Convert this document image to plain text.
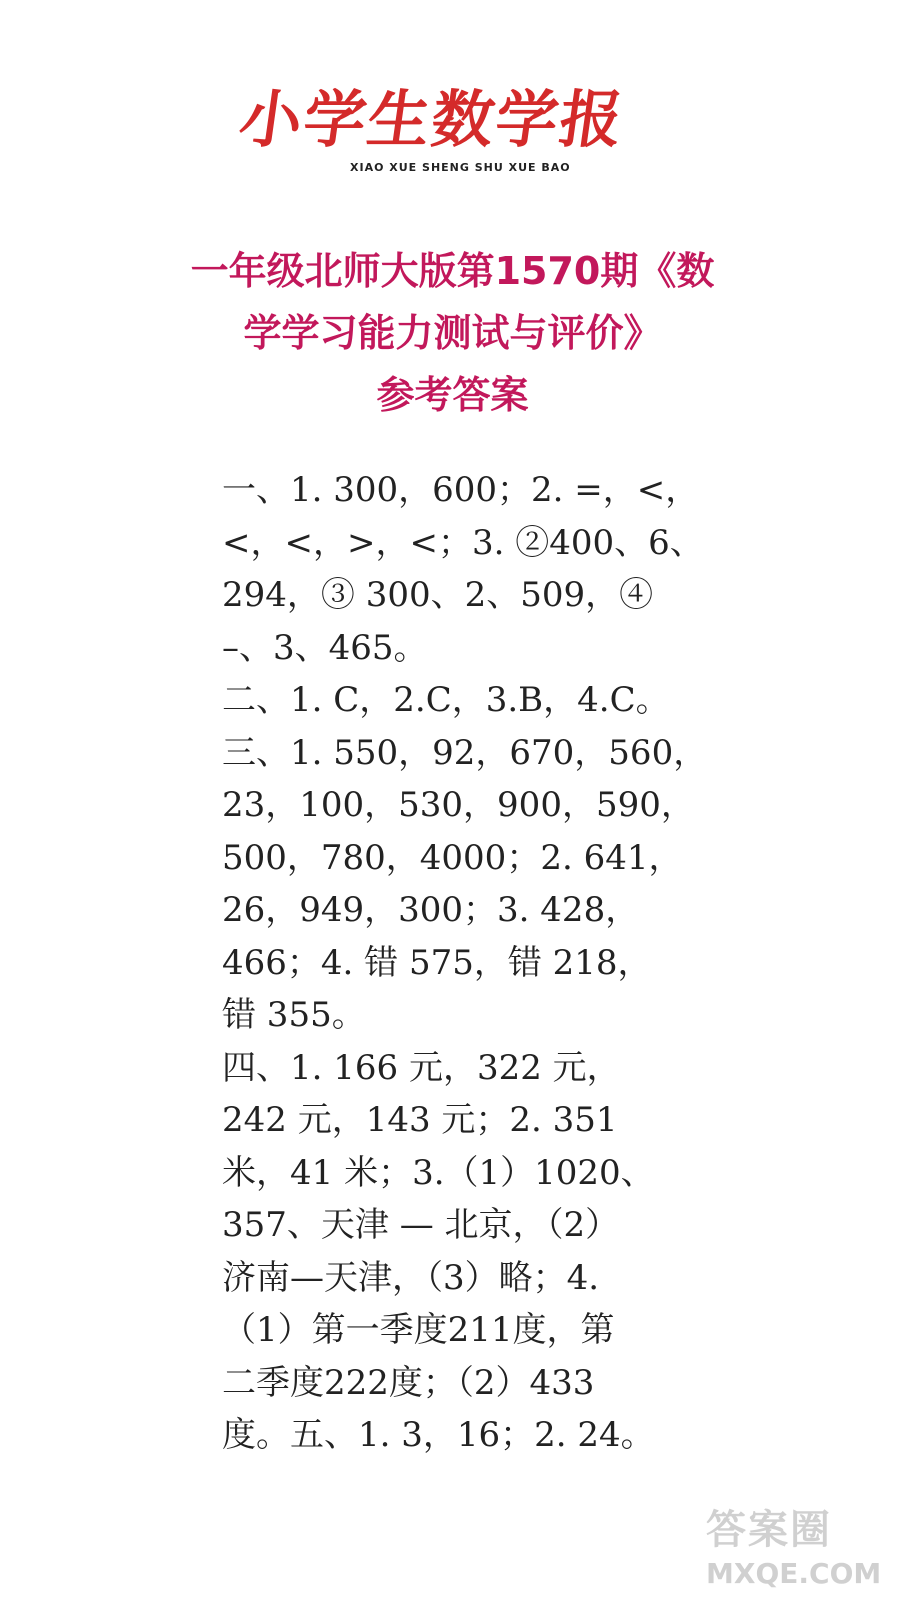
小学生数学报
XIAO XUE SHENG SHU XUE BAO
一年级北师大版第1570期《数
学学习能力测试与评价》
参考答案
一、1. 300，600；2. =，<，
<，<，>，<；3. ②400、6、
294，③ 300、2、509，④
–、3、465。
二、1. C，2.C，3.B，4.C。
三、1. 550，92，670，560，
23，100，530，900，590，
500，780，4000；2. 641，
26，949，300；3. 428，
466；4. 错 575，错 218，
错 355。
四、1. 166 元，322 元，
242 元，143 元；2. 351
米，41 米；3.（1）1020、
357、天津 — 北京，（2）
济南—天津，（3）略；4.
（1）第一季度211度，第
二季度222度；（2）433
度。五、1. 3，16；2. 24。
答案圈
MXQE.COM
